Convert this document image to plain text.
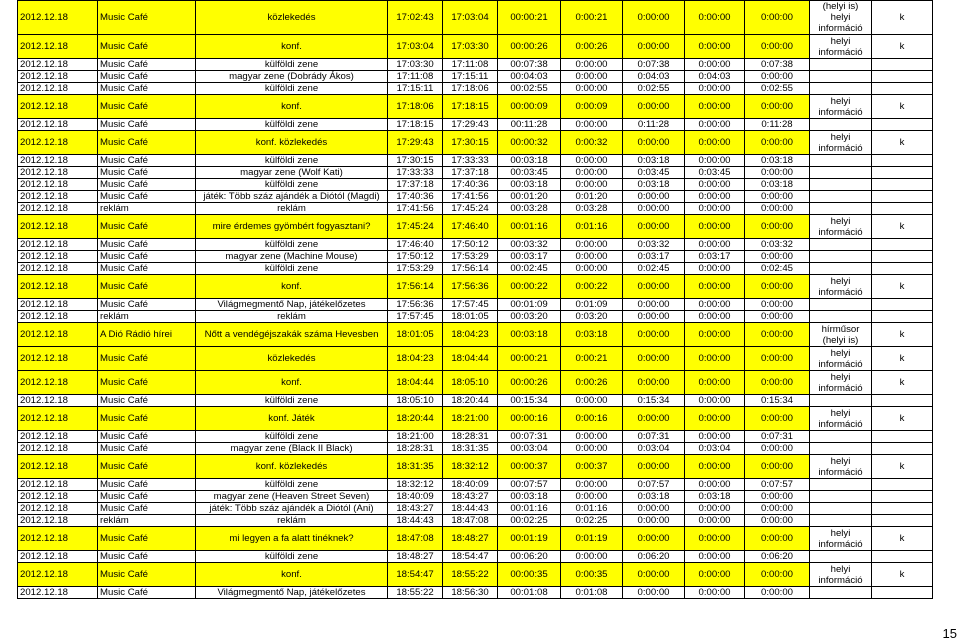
2012.12.18	Music Café	közlekedés	17:02:43	17:03:04	00:00:21	0:00:21	0:00:00	0:00:00	0:00:00	(helyi is)
helyi
információ	k
2012.12.18	Music Café	konf.	17:03:04	17:03:30	00:00:26	0:00:26	0:00:00	0:00:00	0:00:00	helyi
információ	k
2012.12.18	Music Café	külföldi zene	17:03:30	17:11:08	00:07:38	0:00:00	0:07:38	0:00:00	0:07:38		
2012.12.18	Music Café	magyar zene (Dobrády Ákos)	17:11:08	17:15:11	00:04:03	0:00:00	0:04:03	0:04:03	0:00:00		
2012.12.18	Music Café	külföldi zene	17:15:11	17:18:06	00:02:55	0:00:00	0:02:55	0:00:00	0:02:55		
2012.12.18	Music Café	konf.	17:18:06	17:18:15	00:00:09	0:00:09	0:00:00	0:00:00	0:00:00	helyi
információ	k
2012.12.18	Music Café	külföldi zene	17:18:15	17:29:43	00:11:28	0:00:00	0:11:28	0:00:00	0:11:28		
2012.12.18	Music Café	konf. közlekedés	17:29:43	17:30:15	00:00:32	0:00:32	0:00:00	0:00:00	0:00:00	helyi
információ	k
2012.12.18	Music Café	külföldi zene	17:30:15	17:33:33	00:03:18	0:00:00	0:03:18	0:00:00	0:03:18		
2012.12.18	Music Café	magyar zene (Wolf Kati)	17:33:33	17:37:18	00:03:45	0:00:00	0:03:45	0:03:45	0:00:00		
2012.12.18	Music Café	külföldi zene	17:37:18	17:40:36	00:03:18	0:00:00	0:03:18	0:00:00	0:03:18		
2012.12.18	Music Café	játék: Több száz ajándék a Diótól (Magdi)	17:40:36	17:41:56	00:01:20	0:01:20	0:00:00	0:00:00	0:00:00		
2012.12.18	reklám	reklám	17:41:56	17:45:24	00:03:28	0:03:28	0:00:00	0:00:00	0:00:00		
2012.12.18	Music Café	mire érdemes gyömbért fogyasztani?	17:45:24	17:46:40	00:01:16	0:01:16	0:00:00	0:00:00	0:00:00	helyi
információ	k
2012.12.18	Music Café	külföldi zene	17:46:40	17:50:12	00:03:32	0:00:00	0:03:32	0:00:00	0:03:32		
2012.12.18	Music Café	magyar zene (Machine Mouse)	17:50:12	17:53:29	00:03:17	0:00:00	0:03:17	0:03:17	0:00:00		
2012.12.18	Music Café	külföldi zene	17:53:29	17:56:14	00:02:45	0:00:00	0:02:45	0:00:00	0:02:45		
2012.12.18	Music Café	konf.	17:56:14	17:56:36	00:00:22	0:00:22	0:00:00	0:00:00	0:00:00	helyi
információ	k
2012.12.18	Music Café	Világmegmentő Nap, játékelőzetes	17:56:36	17:57:45	00:01:09	0:01:09	0:00:00	0:00:00	0:00:00		
2012.12.18	reklám	reklám	17:57:45	18:01:05	00:03:20	0:03:20	0:00:00	0:00:00	0:00:00		
2012.12.18	A Dió Rádió hírei	Nőtt a vendégéjszakák száma Hevesben	18:01:05	18:04:23	00:03:18	0:03:18	0:00:00	0:00:00	0:00:00	hírműsor
(helyi is)	k
2012.12.18	Music Café	közlekedés	18:04:23	18:04:44	00:00:21	0:00:21	0:00:00	0:00:00	0:00:00	helyi
információ	k
2012.12.18	Music Café	konf.	18:04:44	18:05:10	00:00:26	0:00:26	0:00:00	0:00:00	0:00:00	helyi
információ	k
2012.12.18	Music Café	külföldi zene	18:05:10	18:20:44	00:15:34	0:00:00	0:15:34	0:00:00	0:15:34		
2012.12.18	Music Café	konf. Játék	18:20:44	18:21:00	00:00:16	0:00:16	0:00:00	0:00:00	0:00:00	helyi
információ	k
2012.12.18	Music Café	külföldi zene	18:21:00	18:28:31	00:07:31	0:00:00	0:07:31	0:00:00	0:07:31		
2012.12.18	Music Café	magyar zene (Black II Black)	18:28:31	18:31:35	00:03:04	0:00:00	0:03:04	0:03:04	0:00:00		
2012.12.18	Music Café	konf. közlekedés	18:31:35	18:32:12	00:00:37	0:00:37	0:00:00	0:00:00	0:00:00	helyi
információ	k
2012.12.18	Music Café	külföldi zene	18:32:12	18:40:09	00:07:57	0:00:00	0:07:57	0:00:00	0:07:57		
2012.12.18	Music Café	magyar zene (Heaven Street Seven)	18:40:09	18:43:27	00:03:18	0:00:00	0:03:18	0:03:18	0:00:00		
2012.12.18	Music Café	játék: Több száz ajándék a Diótól (Ani)	18:43:27	18:44:43	00:01:16	0:01:16	0:00:00	0:00:00	0:00:00		
2012.12.18	reklám	reklám	18:44:43	18:47:08	00:02:25	0:02:25	0:00:00	0:00:00	0:00:00		
2012.12.18	Music Café	mi legyen a fa alatt tinéknek?	18:47:08	18:48:27	00:01:19	0:01:19	0:00:00	0:00:00	0:00:00	helyi
információ	k
2012.12.18	Music Café	külföldi zene	18:48:27	18:54:47	00:06:20	0:00:00	0:06:20	0:00:00	0:06:20		
2012.12.18	Music Café	konf.	18:54:47	18:55:22	00:00:35	0:00:35	0:00:00	0:00:00	0:00:00	helyi
információ	k
2012.12.18	Music Café	Világmegmentő Nap, játékelőzetes	18:55:22	18:56:30	00:01:08	0:01:08	0:00:00	0:00:00	0:00:00		
15
